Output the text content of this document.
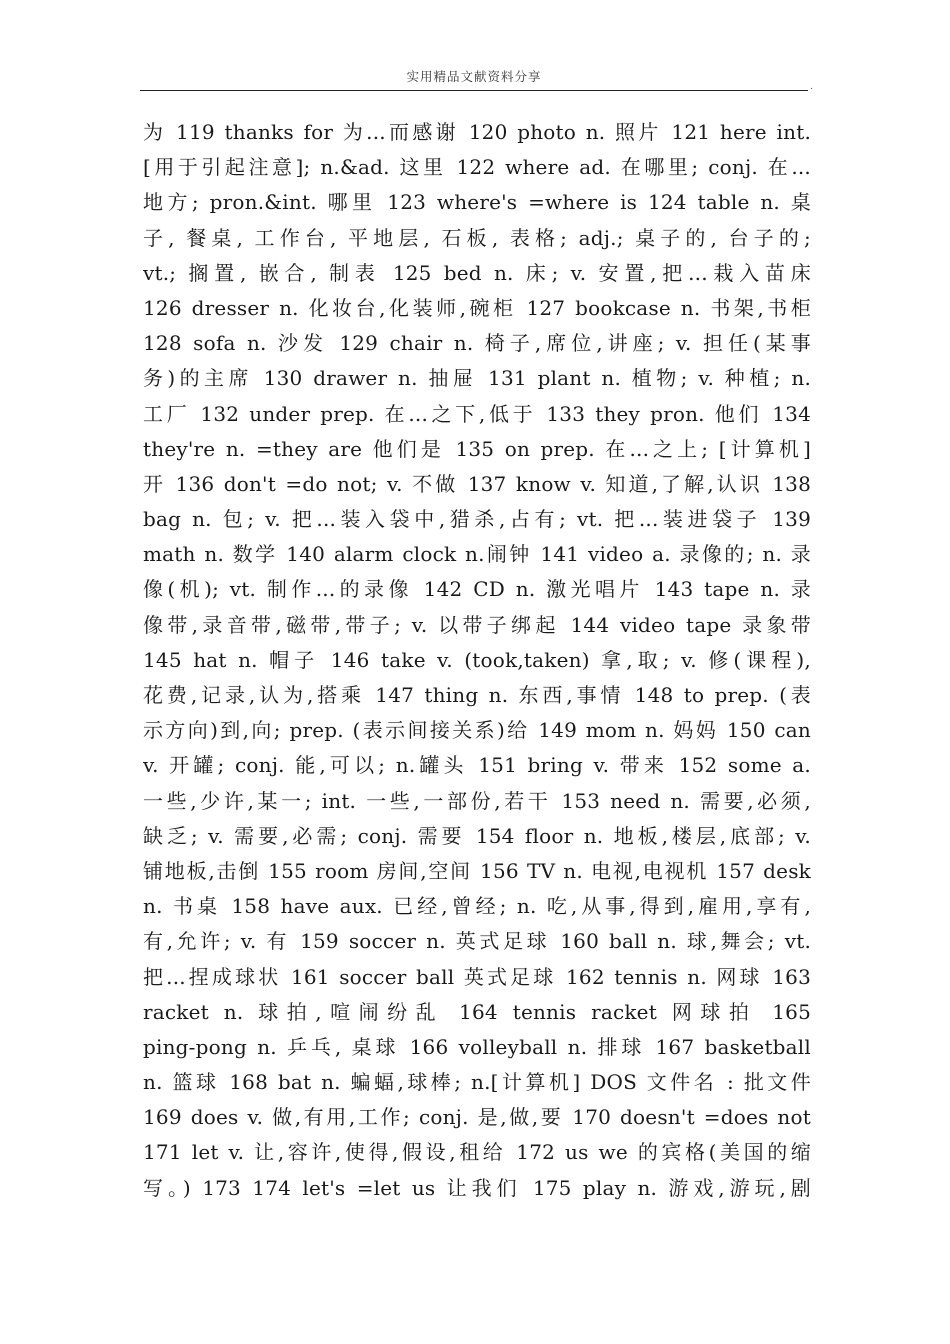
实用精品文献资料分享
.
为 119 thanks for 为...而感谢 120 photo n. 照片 121 here int.
[用于引起注意]; n.&ad. 这里 122 where ad. 在哪里; conj. 在...
地方; pron.&int. 哪里 123 where's =where is 124 table n. 桌
子, 餐桌, 工作台, 平地层, 石板, 表格; adj.; 桌子的, 台子的;
vt.; 搁置, 嵌合, 制表 125 bed n. 床; v. 安置,把...栽入苗床
126 dresser n. 化妆台,化装师,碗柜 127 bookcase n. 书架,书柜
128 sofa n. 沙发 129 chair n. 椅子,席位,讲座; v. 担任(某事
务)的主席 130 drawer n. 抽屉 131 plant n. 植物; v. 种植; n.
工厂 132 under prep. 在...之下,低于 133 they pron. 他们 134
they're n. =they are 他们是 135 on prep. 在...之上; [计算机]
开 136 don't =do not; v. 不做 137 know v. 知道,了解,认识 138
bag n. 包; v. 把...装入袋中,猎杀,占有; vt. 把...装进袋子 139
math n. 数学 140 alarm clock n.闹钟 141 video a. 录像的; n. 录
像(机); vt. 制作...的录像 142 CD n. 激光唱片 143 tape n. 录
像带,录音带,磁带,带子; v. 以带子绑起 144 video tape 录象带
145 hat n. 帽子 146 take v. (took,taken) 拿,取; v. 修(课程),
花费,记录,认为,搭乘 147 thing n. 东西,事情 148 to prep. (表
示方向)到,向; prep. (表示间接关系)给 149 mom n. 妈妈 150 can
v. 开罐; conj. 能,可以; n.罐头 151 bring v. 带来 152 some a.
一些,少许,某一; int. 一些,一部份,若干 153 need n. 需要,必须,
缺乏; v. 需要,必需; conj. 需要 154 floor n. 地板,楼层,底部; v.
铺地板,击倒 155 room 房间,空间 156 TV n. 电视,电视机 157 desk
n. 书桌 158 have aux. 已经,曾经; n. 吃,从事,得到,雇用,享有,
有,允许; v. 有 159 soccer n. 英式足球 160 ball n. 球,舞会; vt.
把...捏成球状 161 soccer ball 英式足球 162 tennis n. 网球 163
racket n. 球拍,喧闹纷乱 164 tennis racket 网球拍 165
ping-pong n. 乒乓, 桌球 166 volleyball n. 排球 167 basketball
n. 篮球 168 bat n. 蝙蝠,球棒; n.[计算机] DOS 文件名 : 批文件
169 does v. 做,有用,工作; conj. 是,做,要 170 doesn't =does not
171 let v. 让,容许,使得,假设,租给 172 us we 的宾格(美国的缩
写。) 173 174 let's =let us 让我们 175 play n. 游戏,游玩,剧
